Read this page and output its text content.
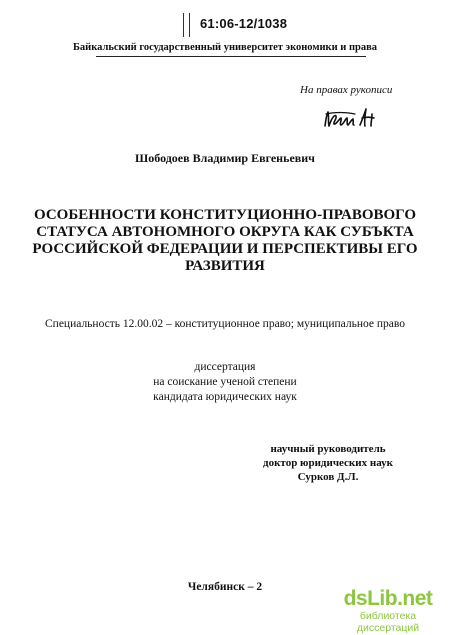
61:06-12/1038
Байкальский государственный университет экономики и права
На правах рукописи
Шободоев Владимир Евгеньевич
ОСОБЕННОСТИ КОНСТИТУЦИОННО-ПРАВОВОГО
СТАТУСА АВТОНОМНОГО ОКРУГА КАК СУБЪКТА
РОССИЙСКОЙ ФЕДЕРАЦИИ И ПЕРСПЕКТИВЫ ЕГО
РАЗВИТИЯ
Специальность 12.00.02 – конституционное право; муниципальное право
диссертация
на соискание ученой степени
кандидата юридических наук
научный руководитель
доктор юридических наук
Сурков Д.Л.
Челябинск – 2	dsLib.net
библиотека диссертаций
